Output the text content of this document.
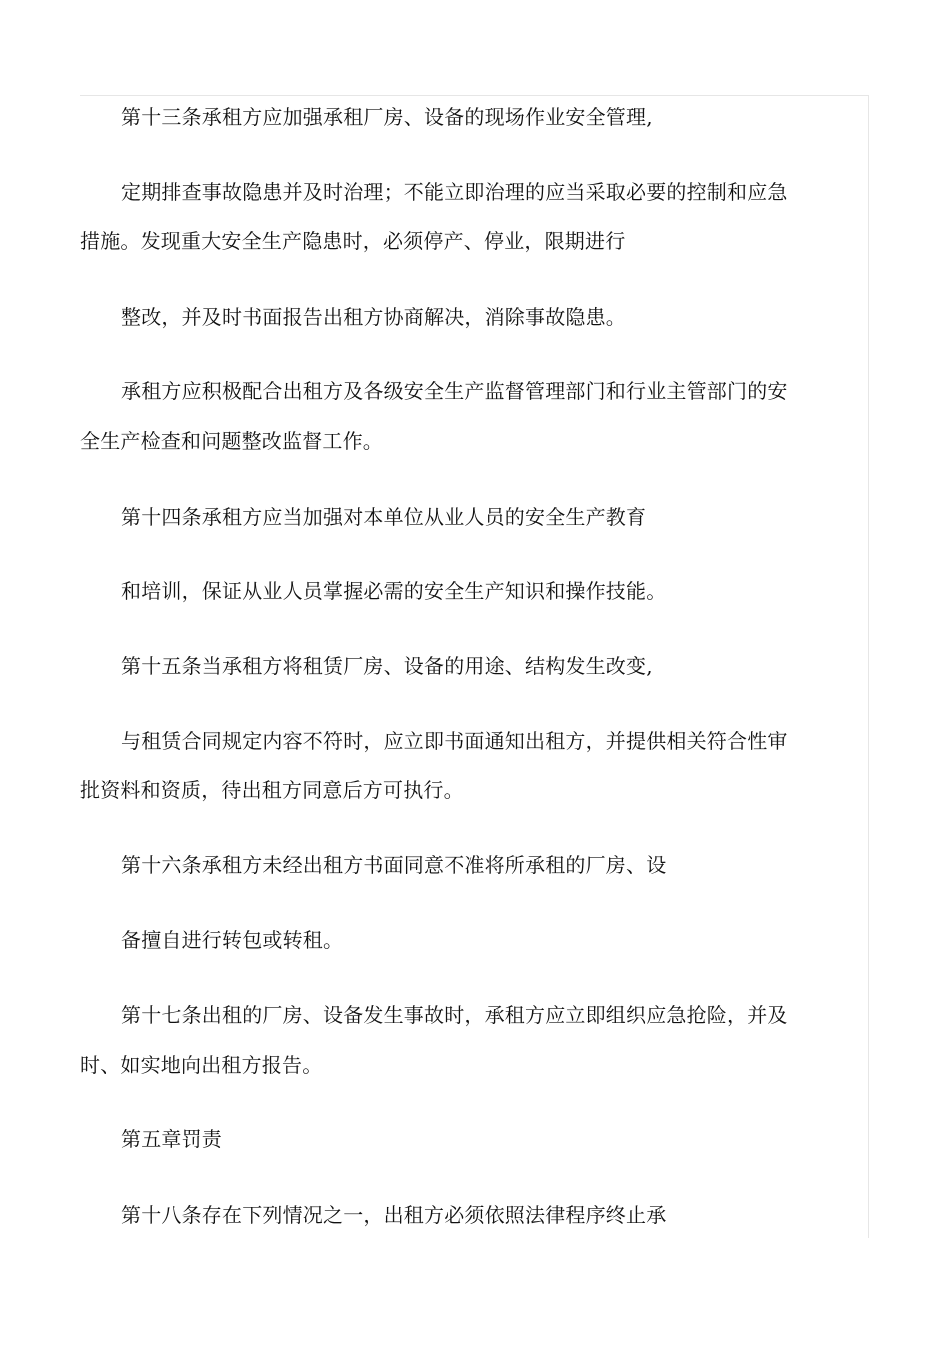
第十三条承租方应加强承租厂房、设备的现场作业安全管理,
定期排查事故隐患并及时治理；不能立即治理的应当采取必要的控制和应急
措施。发现重大安全生产隐患时，必须停产、停业，限期进行
整改，并及时书面报告出租方协商解决，消除事故隐患。
承租方应积极配合出租方及各级安全生产监督管理部门和行业主管部门的安
全生产检查和问题整改监督工作。
第十四条承租方应当加强对本单位从业人员的安全生产教育
和培训，保证从业人员掌握必需的安全生产知识和操作技能。
第十五条当承租方将租赁厂房、设备的用途、结构发生改变,
与租赁合同规定内容不符时，应立即书面通知出租方，并提供相关符合性审
批资料和资质，待出租方同意后方可执行。
第十六条承租方未经出租方书面同意不准将所承租的厂房、设
备擅自进行转包或转租。
第十七条出租的厂房、设备发生事故时，承租方应立即组织应急抢险，并及
时、如实地向出租方报告。
第五章罚责
第十八条存在下列情况之一，出租方必须依照法律程序终止承
